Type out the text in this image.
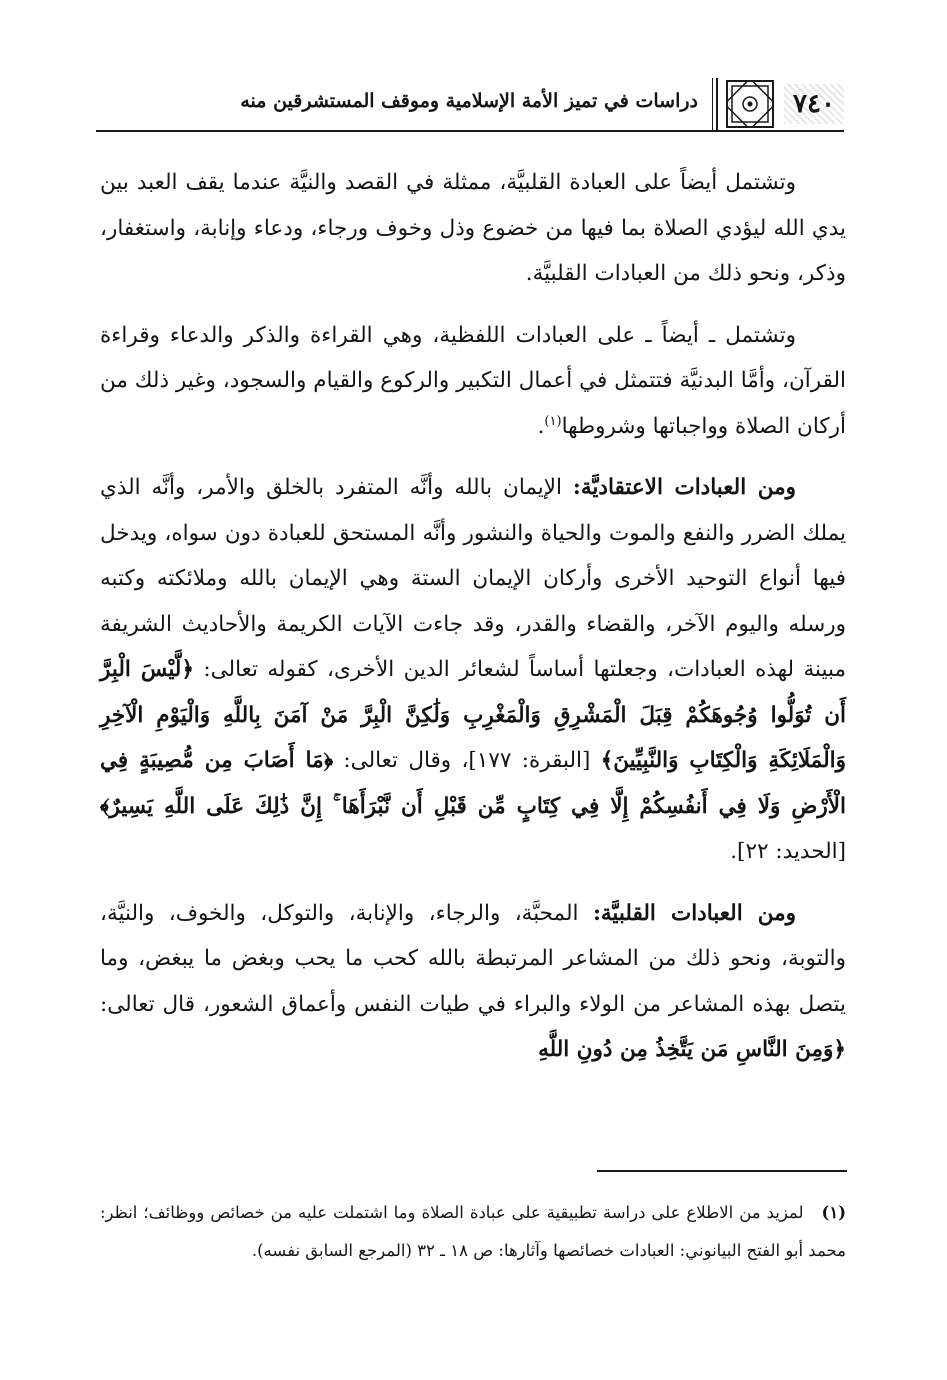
٧٤٠
دراسات في تميز الأمة الإسلامية وموقف المستشرقين منه

وتشتمل أيضاً على العبادة القلبيَّة، ممثلة في القصد والنيَّة عندما يقف العبد بين يدي الله ليؤدي الصلاة بما فيها من خضوع وذل وخوف ورجاء، ودعاء وإنابة، واستغفار، وذكر، ونحو ذلك من العبادات القلبيَّة.

وتشتمل ـ أيضاً ـ على العبادات اللفظية، وهي القراءة والذكر والدعاء وقراءة القرآن، وأمَّا البدنيَّة فتتمثل في أعمال التكبير والركوع والقيام والسجود، وغير ذلك من أركان الصلاة وواجباتها وشروطها$^{(١)}$.

ومن العبادات الاعتقاديَّة: الإيمان بالله وأنَّه المتفرد بالخلق والأمر، وأنَّه الذي يملك الضرر والنفع والموت والحياة والنشور وأنَّه المستحق للعبادة دون سواه، ويدخل فيها أنواع التوحيد الأخرى وأركان الإيمان الستة وهي الإيمان بالله وملائكته وكتبه ورسله واليوم الآخر، والقضاء والقدر، وقد جاءت الآيات الكريمة والأحاديث الشريفة مبينة لهذه العبادات، وجعلتها أساساً لشعائر الدين الأخرى، كقوله تعالى: ﴿لَّيْسَ الْبِرَّ أَن تُوَلُّوا وُجُوهَكُمْ قِبَلَ الْمَشْرِقِ وَالْمَغْرِبِ وَلَٰكِنَّ الْبِرَّ مَنْ آمَنَ بِاللَّهِ وَالْيَوْمِ الْآخِرِ وَالْمَلَائِكَةِ وَالْكِتَابِ وَالنَّبِيِّينَ﴾ [البقرة: ١٧٧]، وقال تعالى: ﴿مَا أَصَابَ مِن مُّصِيبَةٍ فِي الْأَرْضِ وَلَا فِي أَنفُسِكُمْ إِلَّا فِي كِتَابٍ مِّن قَبْلِ أَن نَّبْرَأَهَا ۚ إِنَّ ذَٰلِكَ عَلَى اللَّهِ يَسِيرٌ﴾ [الحديد: ٢٢].

ومن العبادات القلبيَّة: المحبَّة، والرجاء، والإنابة، والتوكل، والخوف، والنيَّة، والتوبة، ونحو ذلك من المشاعر المرتبطة بالله كحب ما يحب وبغض ما يبغض، وما يتصل بهذه المشاعر من الولاء والبراء في طيات النفس وأعماق الشعور، قال تعالى: ﴿وَمِنَ النَّاسِ مَن يَتَّخِذُ مِن دُونِ اللَّهِ

(١)لمزيد من الاطلاع على دراسة تطبيقية على عبادة الصلاة وما اشتملت عليه من خصائص ووظائف؛ انظر: محمد أبو الفتح البيانوني: العبادات خصائصها وآثارها: ص ١٨ ـ ٣٢ (المرجع السابق نفسه).
